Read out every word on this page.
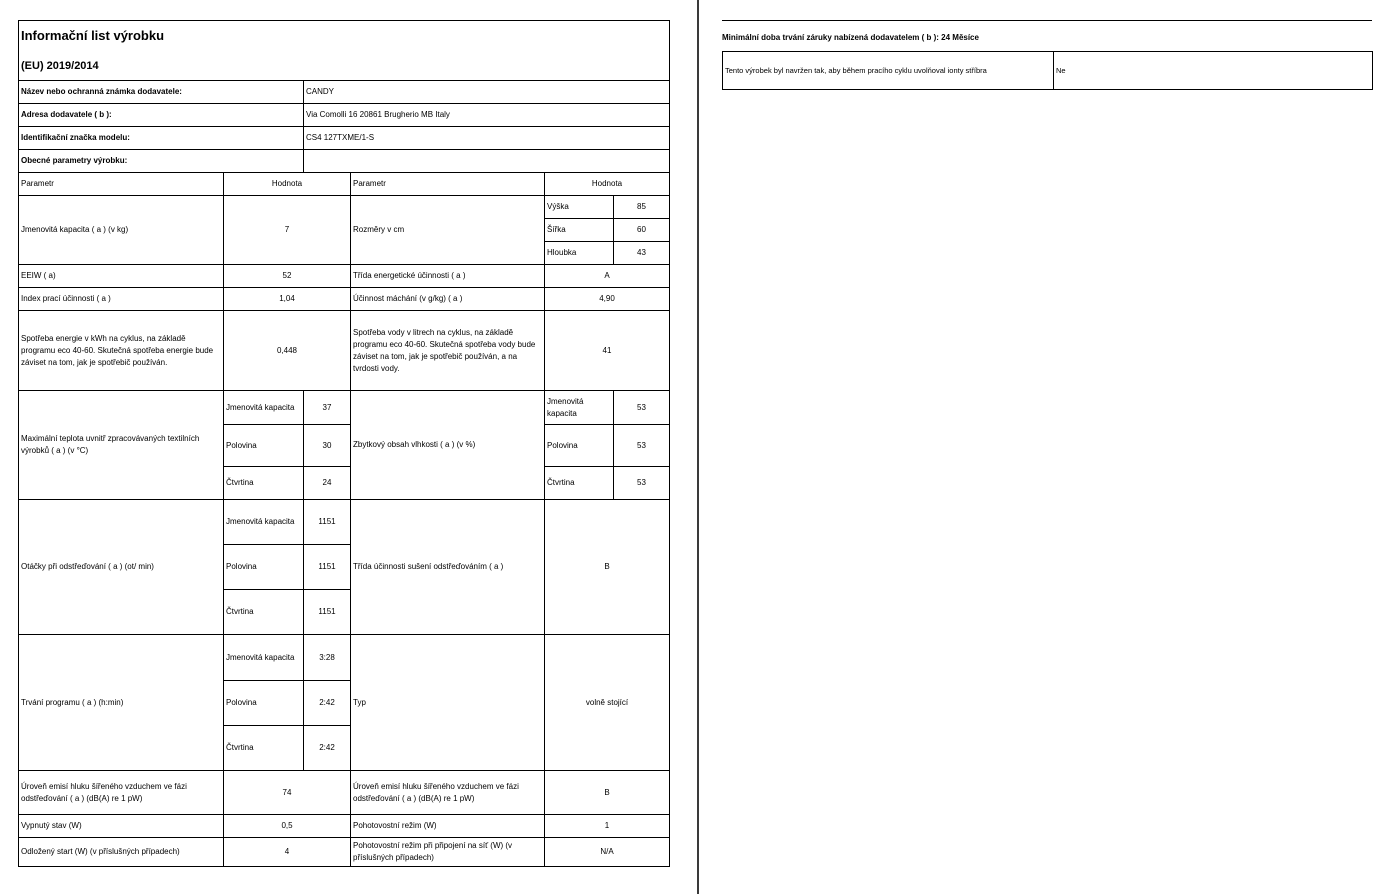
Informační list výrobku					
(EU) 2019/2014					
Název nebo ochranná známka dodavatele:		CANDY			
Adresa dodavatele ( b ):		Via Comolli 16 20861 Brugherio MB Italy			
Identifikační značka modelu:		CS4 127TXME/1-S			
Obecné parametry výrobku:					
Parametr	Hodnota		Parametr	Hodnota	
Jmenovitá kapacita ( a ) (v kg)	7		Rozměry v cm	Výška	85
				Šířka	60
				Hloubka	43
EEIW ( a)	52		Třída energetické účinnosti ( a )	A	
Index prací účinnosti ( a )	1,04		Účinnost máchání (v g/kg) ( a )	4,90	
Spotřeba energie v kWh na cyklus, na základě programu eco 40-60. Skutečná spotřeba energie bude záviset na tom, jak je spotřebič používán.	0,448		Spotřeba vody v litrech na cyklus, na základě programu eco 40-60. Skutečná spotřeba vody bude záviset na tom, jak je spotřebič používán, a na tvrdosti vody.	41	
Maximální teplota uvnitř zpracovávaných textilních výrobků ( a ) (v °C)	Jmenovitá kapacita	37	Zbytkový obsah vlhkosti ( a ) (v %)	Jmenovitá kapacita	53
	Polovina	30		Polovina	53
	Čtvrtina	24		Čtvrtina	53
Otáčky při odstřeďování ( a ) (ot/ min)	Jmenovitá kapacita	1151	Třída účinnosti sušení odstřeďováním ( a )	B	
	Polovina	1151			
	Čtvrtina	1151			
Trvání programu ( a ) (h:min)	Jmenovitá kapacita	3:28	Typ	volně stojící	
	Polovina	2:42			
	Čtvrtina	2:42			
Úroveň emisí hluku šířeného vzduchem ve fázi odstřeďování ( a ) (dB(A) re 1 pW)	74		Úroveň emisí hluku šířeného vzduchem ve fázi odstřeďování ( a ) (dB(A) re 1 pW)	B	
Vypnutý stav (W)	0,5		Pohotovostní režim (W)	1	
Odložený start (W) (v příslušných případech)	4		Pohotovostní režim při připojení na síť (W) (v příslušných případech)	N/A	
Minimální doba trvání záruky nabízená dodavatelem ( b ): 24 Měsíce
Tento výrobek byl navržen tak, aby během pracího cyklu uvolňoval ionty stříbra	Ne
